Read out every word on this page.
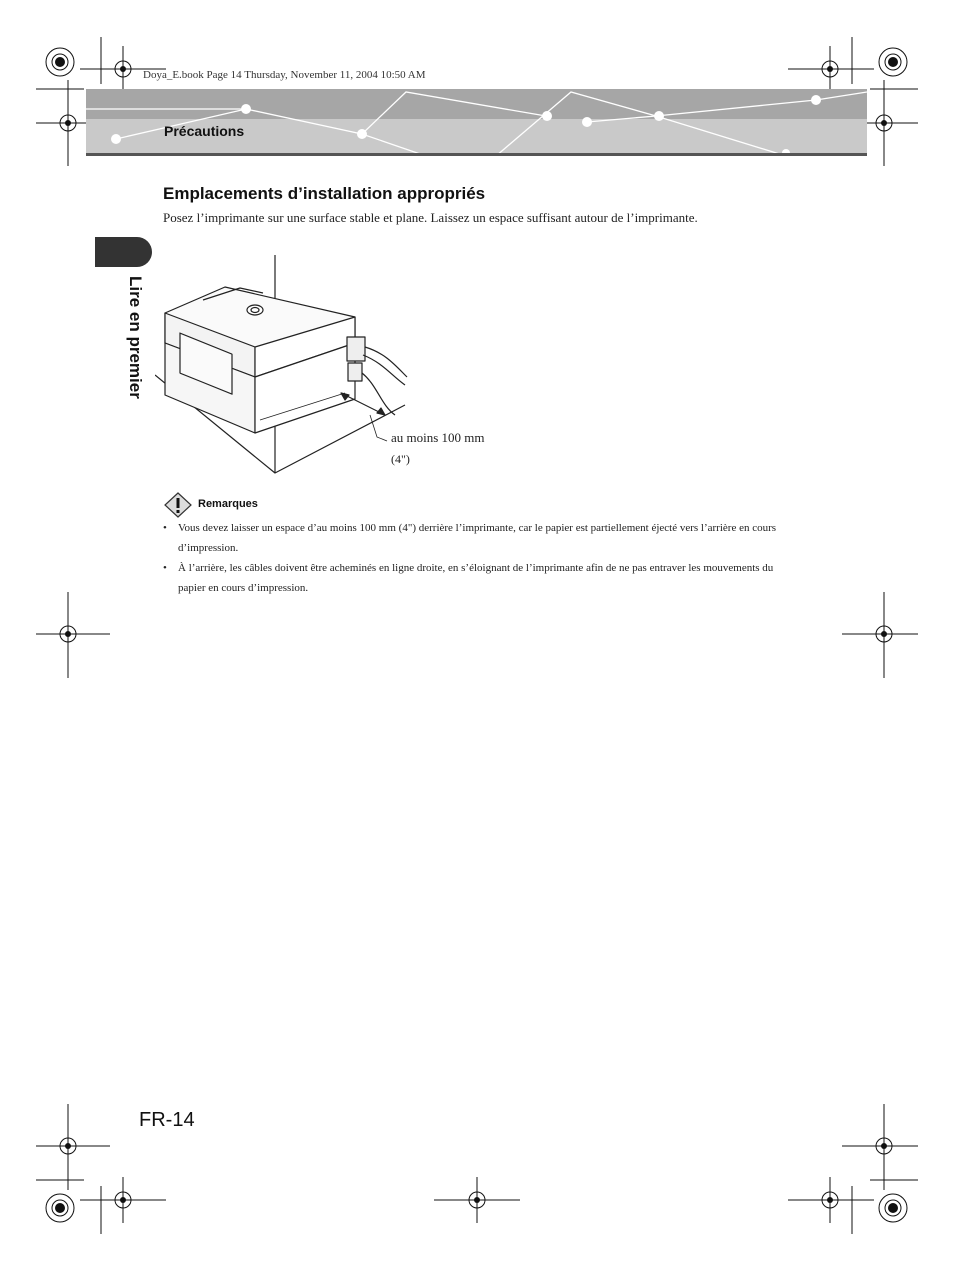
Doya_E.book Page 14 Thursday, November 11, 2004 10:50 AM
Précautions
Emplacements d’installation appropriés
Posez l’imprimante sur une surface stable et plane. Laissez un espace suffisant autour de l’imprimante.
Lire en premier
au moins 100 mm
(4")
Remarques
• Vous devez laisser un espace d’au moins 100 mm (4") derrière l’imprimante, car le papier est partiellement éjecté vers l’arrière en cours d’impression.
• À l’arrière, les câbles doivent être acheminés en ligne droite, en s’éloignant de l’imprimante afin de ne pas entraver les mouvements du papier en cours d’impression.
FR-14
